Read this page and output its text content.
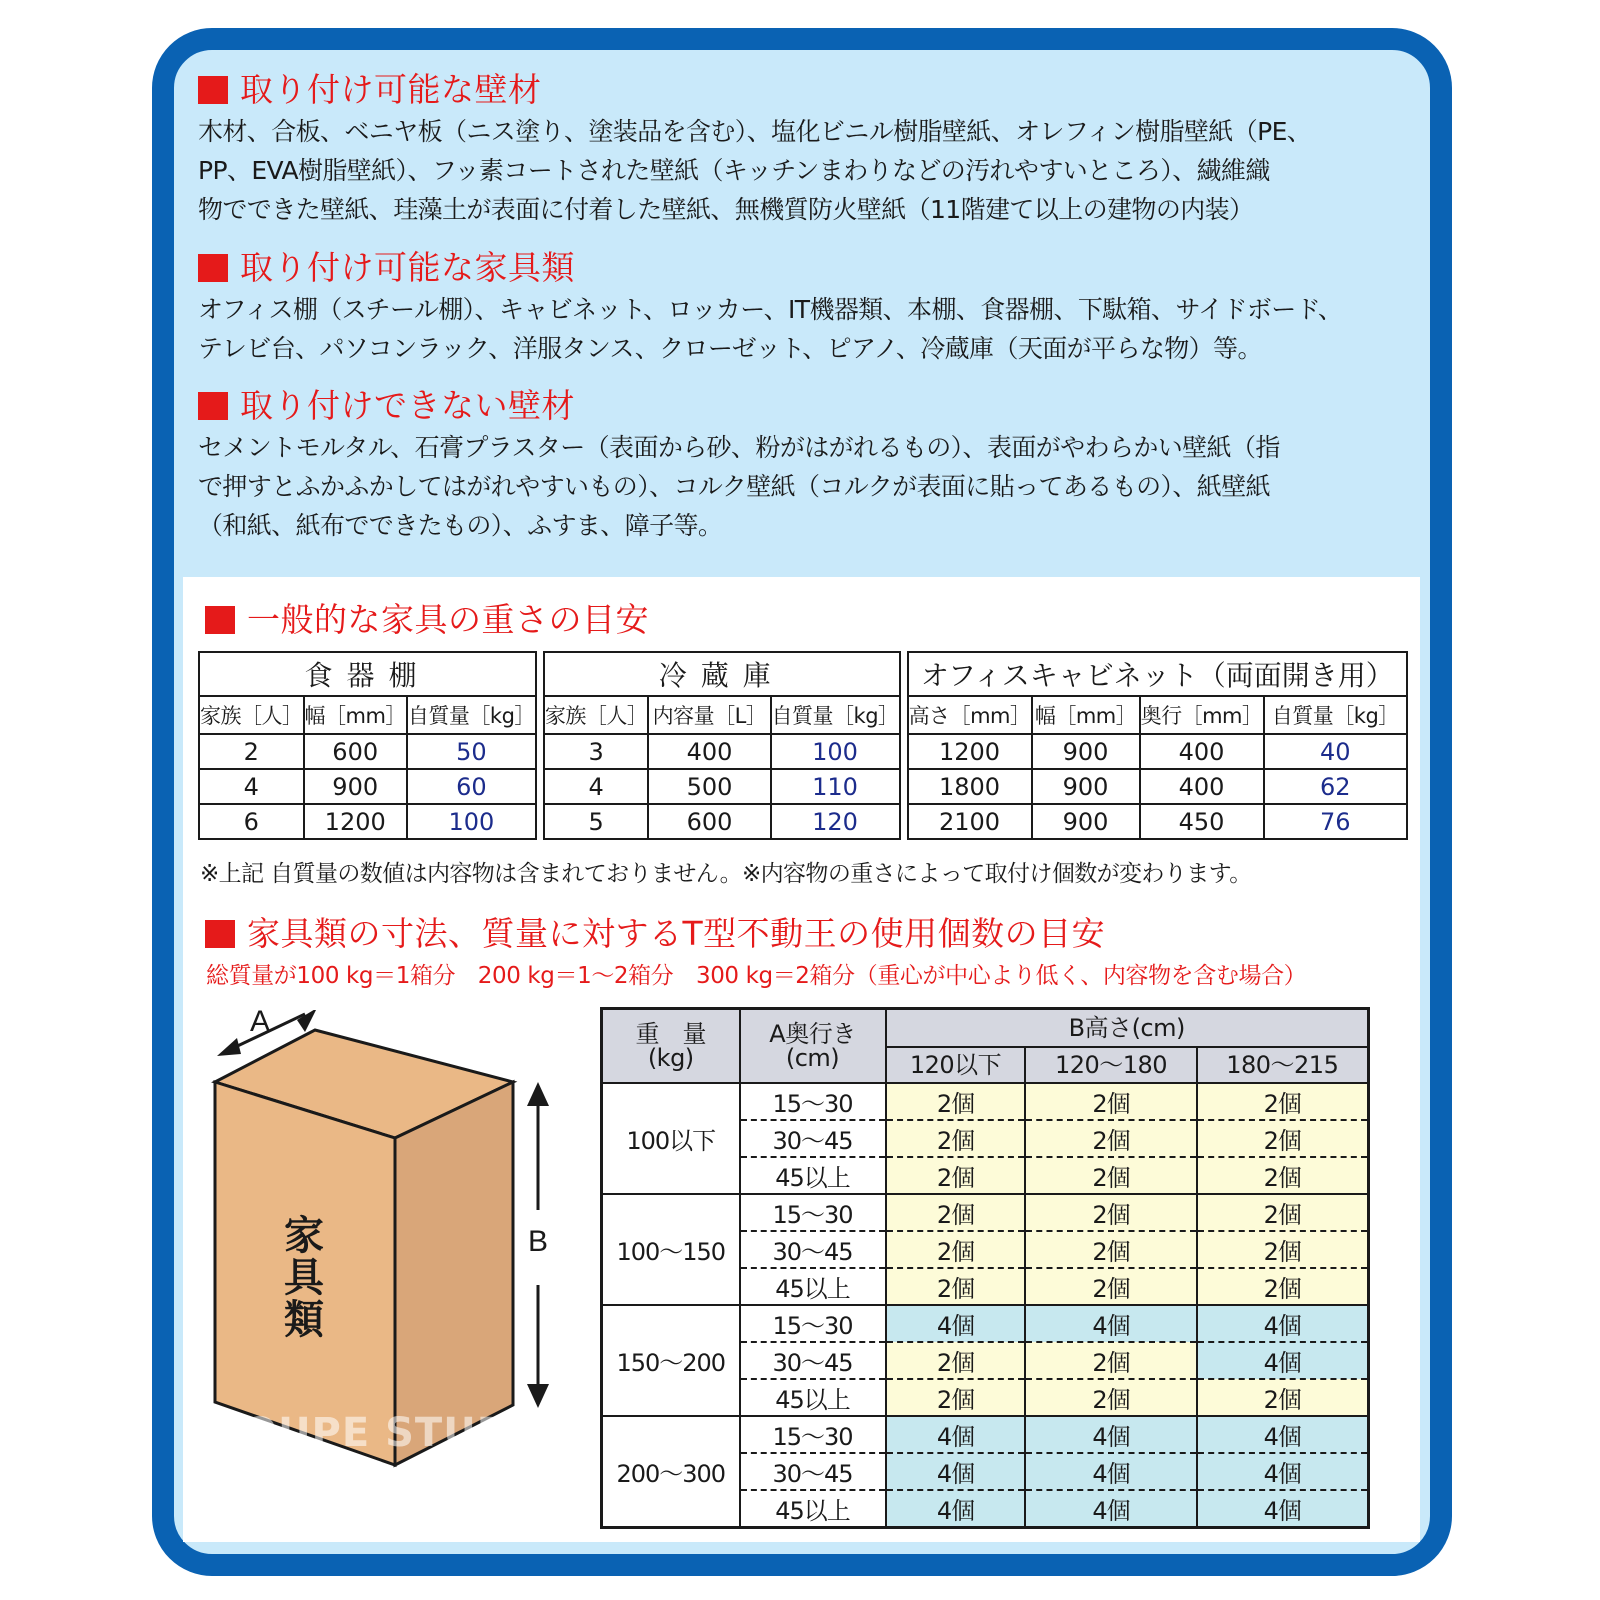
取り付け可能な壁材
木材、合板、ベニヤ板（ニス塗り、塗装品を含む）、塩化ビニル樹脂壁紙、オレフィン樹脂壁紙（PE、
PP、EVA樹脂壁紙）、フッ素コートされた壁紙（キッチンまわりなどの汚れやすいところ）、繊維織
物でできた壁紙、珪藻土が表面に付着した壁紙、無機質防火壁紙（11階建て以上の建物の内装）
取り付け可能な家具類
オフィス棚（スチール棚）、キャビネット、ロッカー、IT機器類、本棚、食器棚、下駄箱、サイドボード、
テレビ台、パソコンラック、洋服タンス、クローゼット、ピアノ、冷蔵庫（天面が平らな物）等。
取り付けできない壁材
セメントモルタル、石膏プラスター（表面から砂、粉がはがれるもの）、表面がやわらかい壁紙（指
で押すとふかふかしてはがれやすいもの）、コルク壁紙（コルクが表面に貼ってあるもの）、紙壁紙
（和紙、紙布でできたもの）、ふすま、障子等。
一般的な家具の重さの目安
食器棚		
家族［人］	幅［mm］	自質量［kg］
2	600	50
4	900	60
6	1200	100
冷蔵庫		
家族［人］	内容量［L］	自質量［kg］
3	400	100
4	500	110
5	600	120
オフィスキャビネット（両面開き用）			
高さ［mm］	幅［mm］	奥行［mm］	自質量［kg］
1200	900	400	40
1800	900	400	62
2100	900	450	76
※上記 自質量の数値は内容物は含まれておりません。※内容物の重さによって取付け個数が変わります。
家具類の寸法、質量に対するT型不動王の使用個数の目安
総質量が100 kg＝1箱分　200 kg＝1〜2箱分　300 kg＝2箱分（重心が中心より低く、内容物を含む場合）
A
B
家
具
類
LOUPE STUDIO
重　量
(kg)

A奥行き
(cm)
	B高さ(cm)
		120以下	120〜180	180〜215
100以下	15〜30	2個	2個	2個
	30〜45	2個	2個	2個
	45以上	2個	2個	2個
100〜150	15〜30	2個	2個	2個
	30〜45	2個	2個	2個
	45以上	2個	2個	2個
150〜200	15〜30	4個	4個	4個
	30〜45	2個	2個	4個
	45以上	2個	2個	2個
200〜300	15〜30	4個	4個	4個
	30〜45	4個	4個	4個
	45以上	4個	4個	4個
